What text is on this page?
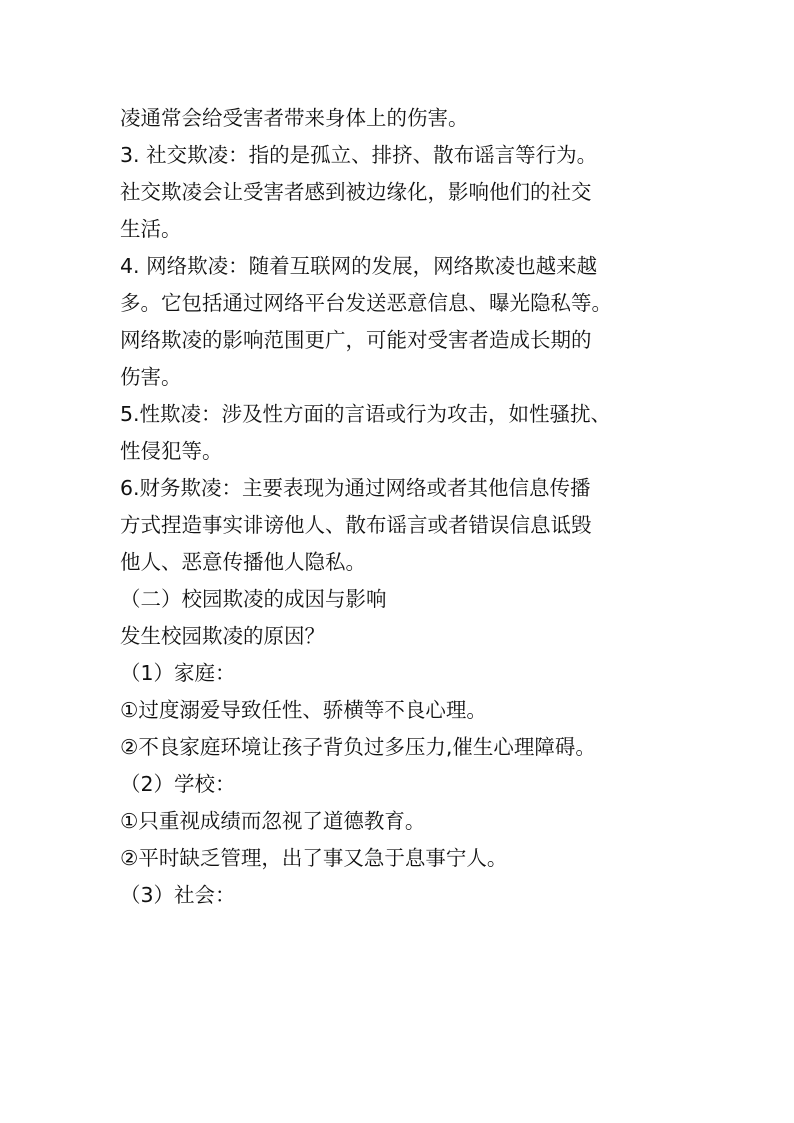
凌通常会给受害者带来身体上的伤害。
3. 社交欺凌：指的是孤立、排挤、散布谣言等行为。
社交欺凌会让受害者感到被边缘化，影响他们的社交
生活。
4. 网络欺凌：随着互联网的发展，网络欺凌也越来越
多。它包括通过网络平台发送恶意信息、曝光隐私等。
网络欺凌的影响范围更广，可能对受害者造成长期的
伤害。
5.性欺凌：涉及性方面的言语或行为攻击，如性骚扰、
性侵犯等。
6.财务欺凌：主要表现为通过网络或者其他信息传播
方式捏造事实诽谤他人、散布谣言或者错误信息诋毁
他人、恶意传播他人隐私。
（二）校园欺凌的成因与影响
发生校园欺凌的原因？
（1）家庭：
①过度溺爱导致任性、骄横等不良心理。
②不良家庭环境让孩子背负过多压力,催生心理障碍。
（2）学校：
①只重视成绩而忽视了道德教育。
②平时缺乏管理，出了事又急于息事宁人。
（3）社会：
